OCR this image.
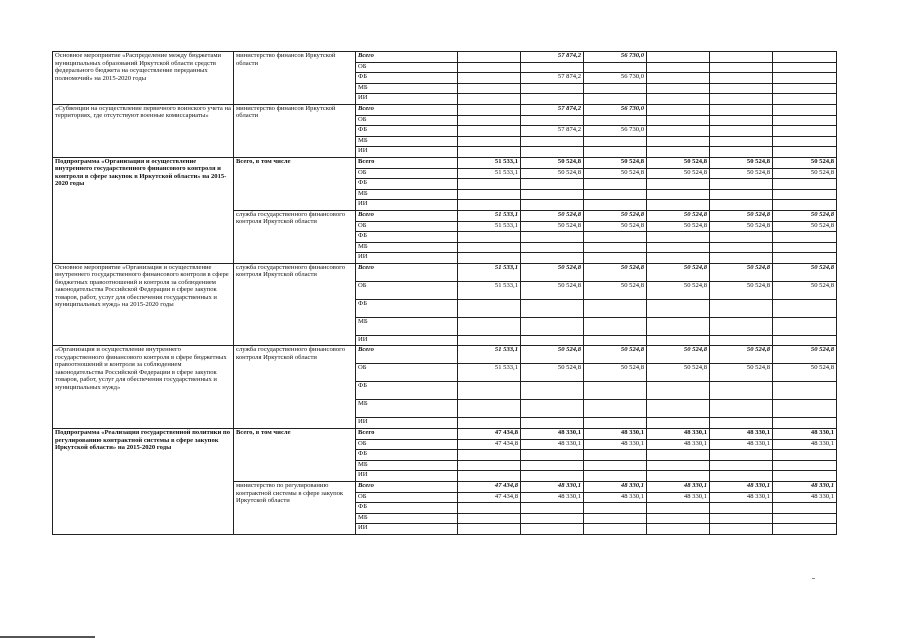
Основное мероприятие «Распределение между бюджетами муниципальных образований Иркутской области средств федерального бюджета на осуществление переданных полномочий» на 2015-2020 годы	министерство финансов Иркутской области	Всего		57 874,2	56 730,0			
		ОБ						
		ФБ		57 874,2	56 730,0			
		МБ						
		ИИ						
«Субвенции на осуществление первичного воинского учета на территориях, где отсутствуют военные комиссариаты»	министерство финансов Иркутской области	Всего		57 874,2	56 730,0			
		ОБ						
		ФБ		57 874,2	56 730,0			
		МБ						
		ИИ						
Подпрограмма «Организация и осуществление внутреннего государственного финансового контроля и контроля в сфере закупок в Иркутской области» на 2015-2020 годы	Всего, в том числе	Всего	51 533,1	50 524,8	50 524,8	50 524,8	50 524,8	50 524,8
		ОБ	51 533,1	50 524,8	50 524,8	50 524,8	50 524,8	50 524,8
		ФБ						
		МБ						
		ИИ						
	служба государственного финансового контроля Иркутской области	Всего	51 533,1	50 524,8	50 524,8	50 524,8	50 524,8	50 524,8
		ОБ	51 533,1	50 524,8	50 524,8	50 524,8	50 524,8	50 524,8
		ФБ						
		МБ						
		ИИ						
Основное мероприятие «Организация и осуществление внутреннего государственного финансового контроля в сфере бюджетных правоотношений и контроля за соблюдением законодательства Российской Федерации в сфере закупок товаров, работ, услуг для обеспечения государственных и муниципальных нужд» на 2015-2020 годы	служба государственного финансового контроля Иркутской области	Всего	51 533,1	50 524,8	50 524,8	50 524,8	50 524,8	50 524,8
		ОБ	51 533,1	50 524,8	50 524,8	50 524,8	50 524,8	50 524,8
		ФБ						
		МБ						
		ИИ						
«Организация и осуществление внутреннего государственного финансового контроля в сфере бюджетных правоотношений и контроля за соблюдением законодательства Российской Федерации в сфере закупок товаров, работ, услуг для обеспечения государственных и муниципальных нужд»	служба государственного финансового контроля Иркутской области	Всего	51 533,1	50 524,8	50 524,8	50 524,8	50 524,8	50 524,8
		ОБ	51 533,1	50 524,8	50 524,8	50 524,8	50 524,8	50 524,8
		ФБ						
		МБ						
		ИИ						
Подпрограмма «Реализация государственной политики по регулированию контрактной системы в сфере закупок Иркутской области» на 2015-2020 годы	Всего, в том числе	Всего	47 434,8	48 330,1	48 330,1	48 330,1	48 330,1	48 330,1
		ОБ	47 434,8	48 330,1	48 330,1	48 330,1	48 330,1	48 330,1
		ФБ						
		МБ						
		ИИ						
	министерство по регулированию контрактной системы в сфере закупок Иркутской области	Всего	47 434,8	48 330,1	48 330,1	48 330,1	48 330,1	48 330,1
		ОБ	47 434,8	48 330,1	48 330,1	48 330,1	48 330,1	48 330,1
		ФБ						
		МБ						
		ИИ						
